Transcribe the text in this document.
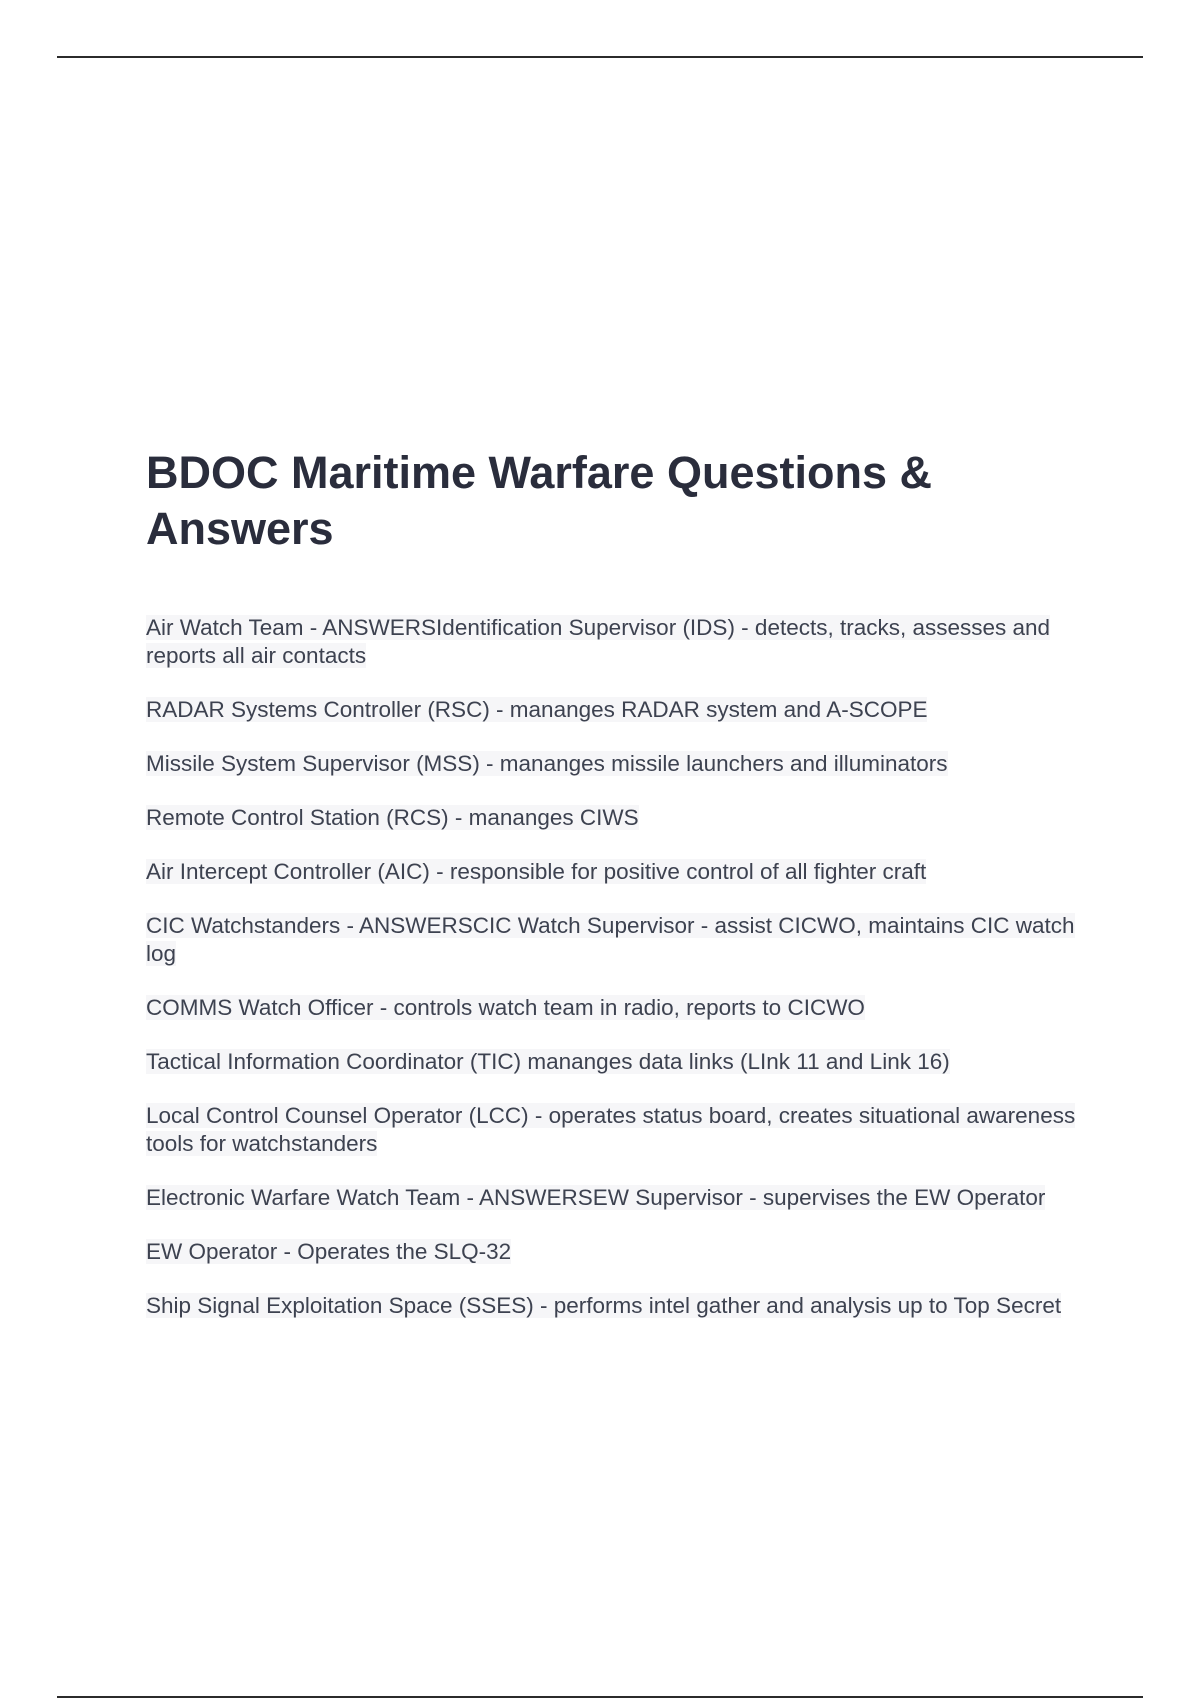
BDOC Maritime Warfare Questions & Answers
Air Watch Team - ANSWERSIdentification Supervisor (IDS) - detects, tracks, assesses and reports all air contacts
RADAR Systems Controller (RSC) - mananges RADAR system and A-SCOPE
Missile System Supervisor (MSS) - mananges missile launchers and illuminators
Remote Control Station (RCS) - mananges CIWS
Air Intercept Controller (AIC) - responsible for positive control of all fighter craft
CIC Watchstanders - ANSWERSCIC Watch Supervisor - assist CICWO, maintains CIC watch log
COMMS Watch Officer - controls watch team in radio, reports to CICWO
Tactical Information Coordinator (TIC) mananges data links (LInk 11 and Link 16)
Local Control Counsel Operator (LCC) - operates status board, creates situational awareness tools for watchstanders
Electronic Warfare Watch Team - ANSWERSEW Supervisor - supervises the EW Operator
EW Operator - Operates the SLQ-32
Ship Signal Exploitation Space (SSES) - performs intel gather and analysis up to Top Secret
